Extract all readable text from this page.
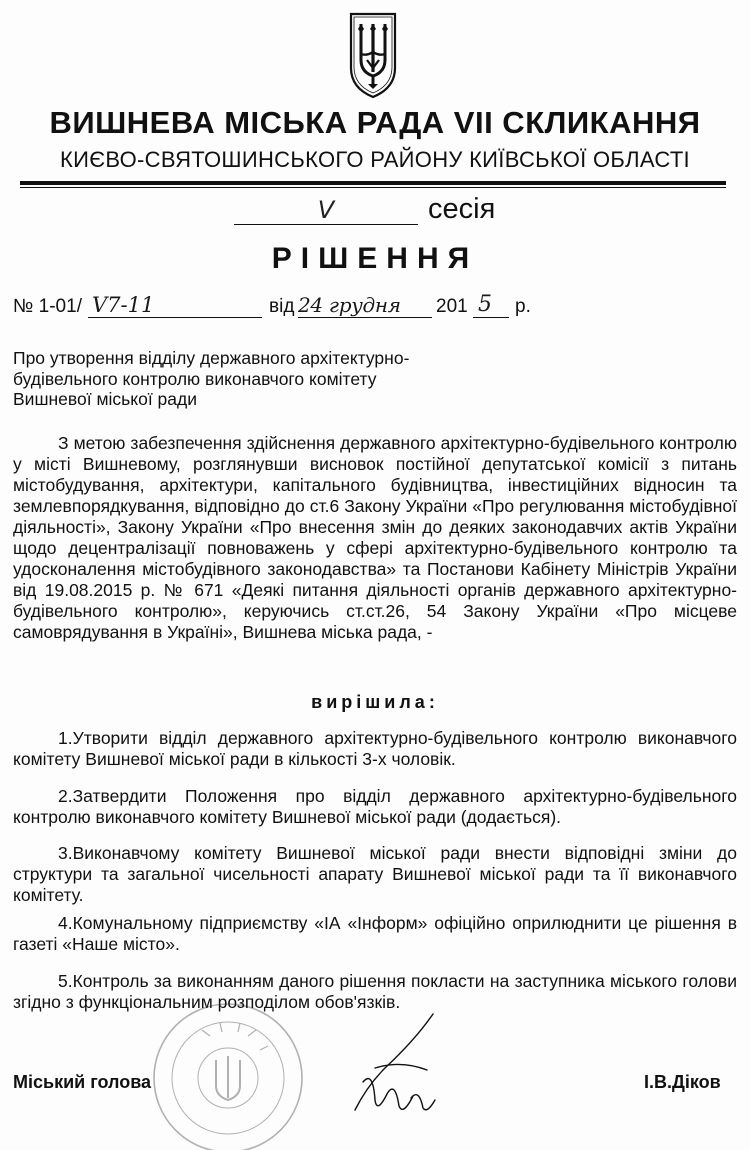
ВИШНЕВА МІСЬКА РАДА VII СКЛИКАННЯ
КИЄВО-СВЯТОШИНСЬКОГО РАЙОНУ КИЇВСЬКОЇ ОБЛАСТІ
V	сесія
РІШЕННЯ
№ 1-01/ V7-11	від 24 грудня 201 5 р.
Про утворення відділу державного архітектурно-будівельного контролю виконавчого комітету Вишневої міської ради
З метою забезпечення здійснення державного архітектурно-будівельного контролю у місті Вишневому, розглянувши висновок постійної депутатської комісії з питань містобудування, архітектури, капітального будівництва, інвестиційних відносин та землевпорядкування, відповідно до ст.6 Закону України «Про регулювання містобудівної діяльності», Закону України «Про внесення змін до деяких законодавчих актів України щодо децентралізації повноважень у сфері архітектурно-будівельного контролю та удосконалення містобудівного законодавства» та Постанови Кабінету Міністрів України від 19.08.2015 р. № 671 «Деякі питання діяльності органів державного архітектурно-будівельного контролю», керуючись ст.ст.26, 54 Закону України «Про місцеве самоврядування в Україні», Вишнева міська рада, -
вирішила:
1.Утворити відділ державного архітектурно-будівельного контролю виконавчого комітету Вишневої міської ради в кількості 3-х чоловік.
2.Затвердити Положення про відділ державного архітектурно-будівельного контролю виконавчого комітету Вишневої міської ради (додається).
3.Виконавчому комітету Вишневої міської ради внести відповідні зміни до структури та загальної чисельності апарату Вишневої міської ради та її виконавчого комітету.
4.Комунальному підприємству «ІА «Інформ» офіційно оприлюднити це рішення в газеті «Наше місто».
5.Контроль за виконанням даного рішення покласти на заступника міського голови згідно з функціональним розподілом обов'язків.
Міський голова	І.В.Діков
